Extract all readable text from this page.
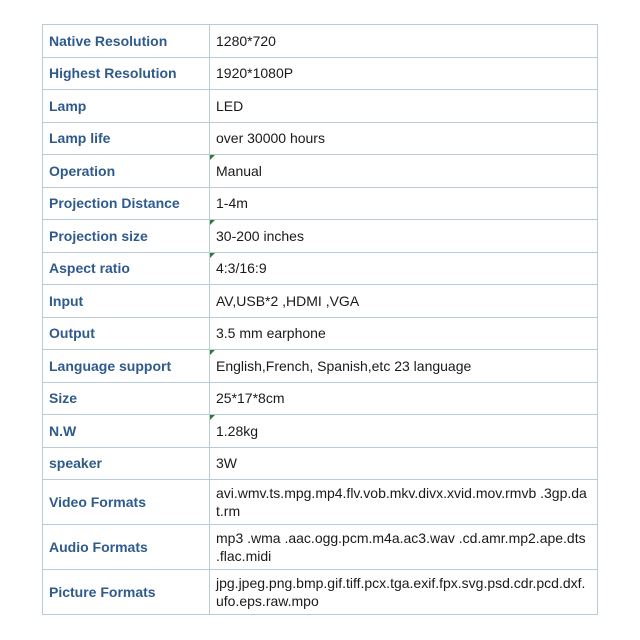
Native Resolution	1280*720
Highest Resolution	1920*1080P
Lamp	LED
Lamp life	over 30000 hours
Operation	Manual
Projection Distance	1-4m
Projection size	30-200 inches
Aspect ratio	4:3/16:9
Input	AV,USB*2 ,HDMI ,VGA
Output	3.5 mm earphone
Language support	English,French, Spanish,etc 23 language
Size	25*17*8cm
N.W	1.28kg
speaker	3W
Video Formats	avi.wmv.ts.mpg.mp4.flv.vob.mkv.divx.xvid.mov.rmvb .3gp.dat.rm
Audio Formats	mp3 .wma .aac.ogg.pcm.m4a.ac3.wav .cd.amr.mp2.ape.dts .flac.midi
Picture Formats	jpg.jpeg.png.bmp.gif.tiff.pcx.tga.exif.fpx.svg.psd.cdr.pcd.dxf.ufo.eps.raw.mpo
